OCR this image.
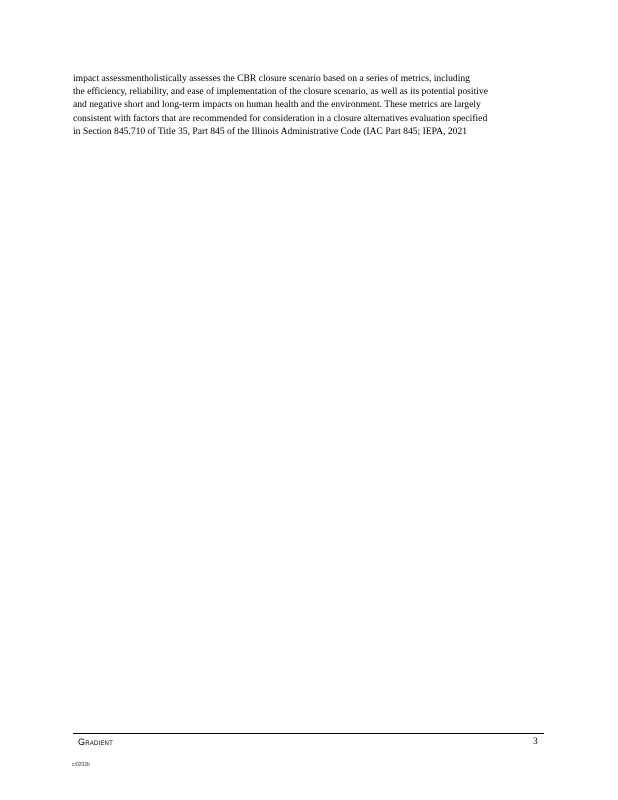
impact assessmentholistically assesses the CBR closure scenario based on a series of metrics, including
the efficiency, reliability, and ease of implementation of the closure scenario, as well as its potential positive
and negative short and long-term impacts on human health and the environment. These metrics are largely
consistent with factors that are recommended for consideration in a closure alternatives evaluation specified
in Section 845.710 of Title 35, Part 845 of the Illinois Administrative Code (IAC Part 845; IEPA, 2021
Gradient	3
c/0202b
